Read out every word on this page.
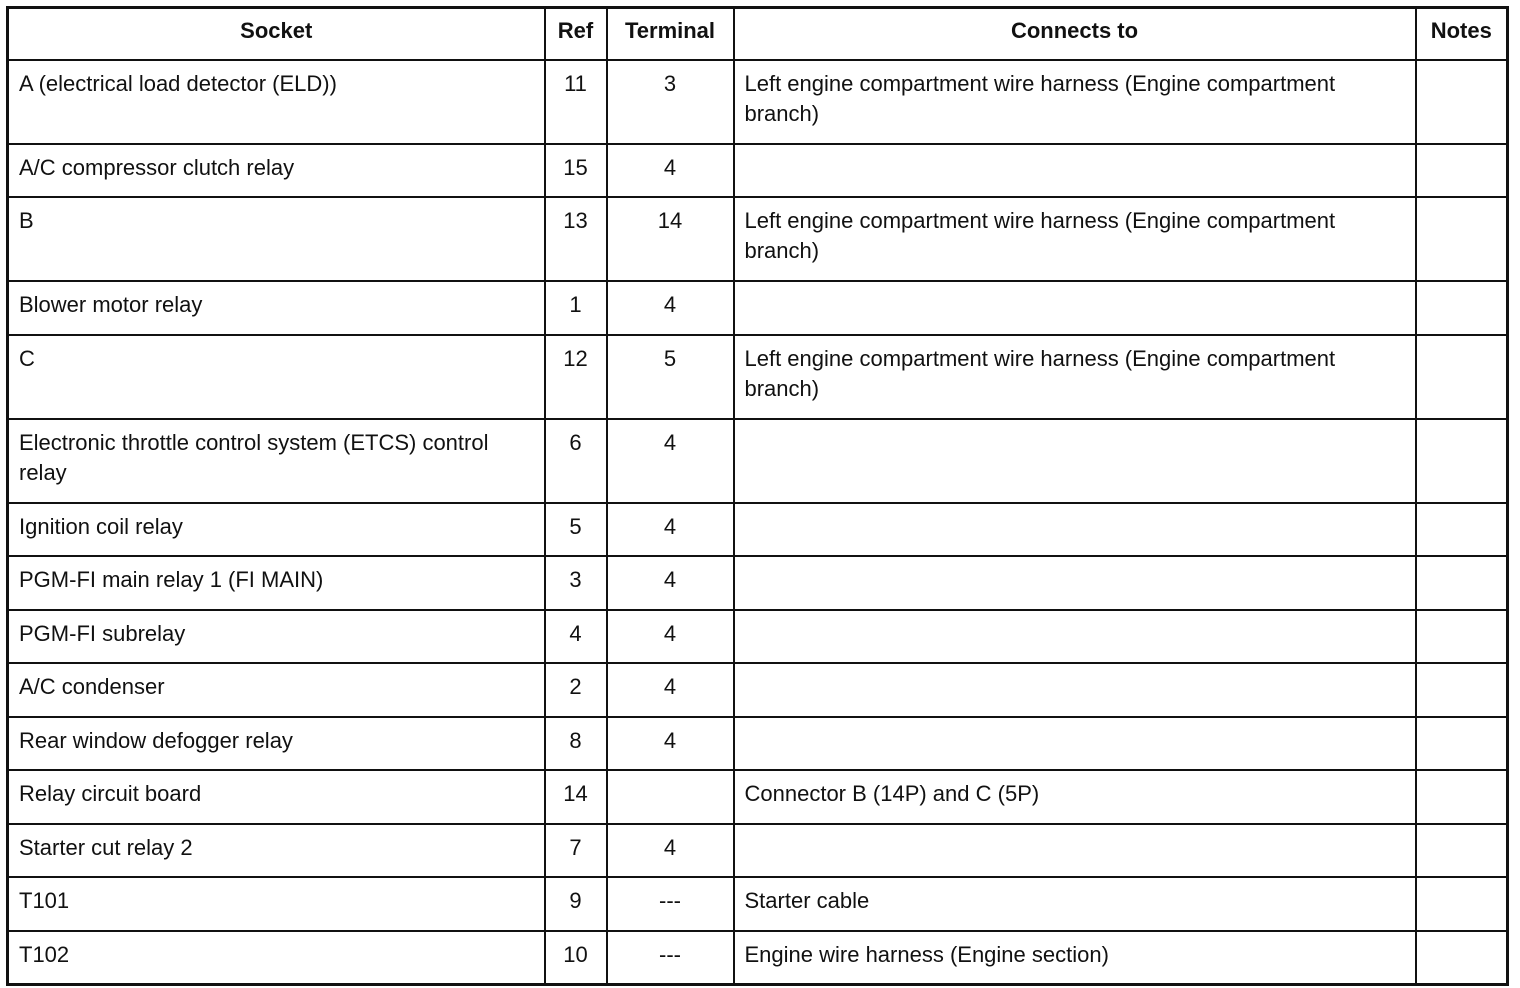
Socket	Ref	Terminal	Connects to	Notes
A (electrical load detector (ELD))	11	3	Left engine compartment wire harness (Engine compartment branch)	
A/C compressor clutch relay	15	4		
B	13	14	Left engine compartment wire harness (Engine compartment branch)	
Blower motor relay	1	4		
C	12	5	Left engine compartment wire harness (Engine compartment branch)	
Electronic throttle control system (ETCS) control relay	6	4		
Ignition coil relay	5	4		
PGM-FI main relay 1 (FI MAIN)	3	4		
PGM-FI subrelay	4	4		
A/C condenser	2	4		
Rear window defogger relay	8	4		
Relay circuit board	14		Connector B (14P) and C (5P)	
Starter cut relay 2	7	4		
T101	9	---	Starter cable	
T102	10	---	Engine wire harness (Engine section)	
